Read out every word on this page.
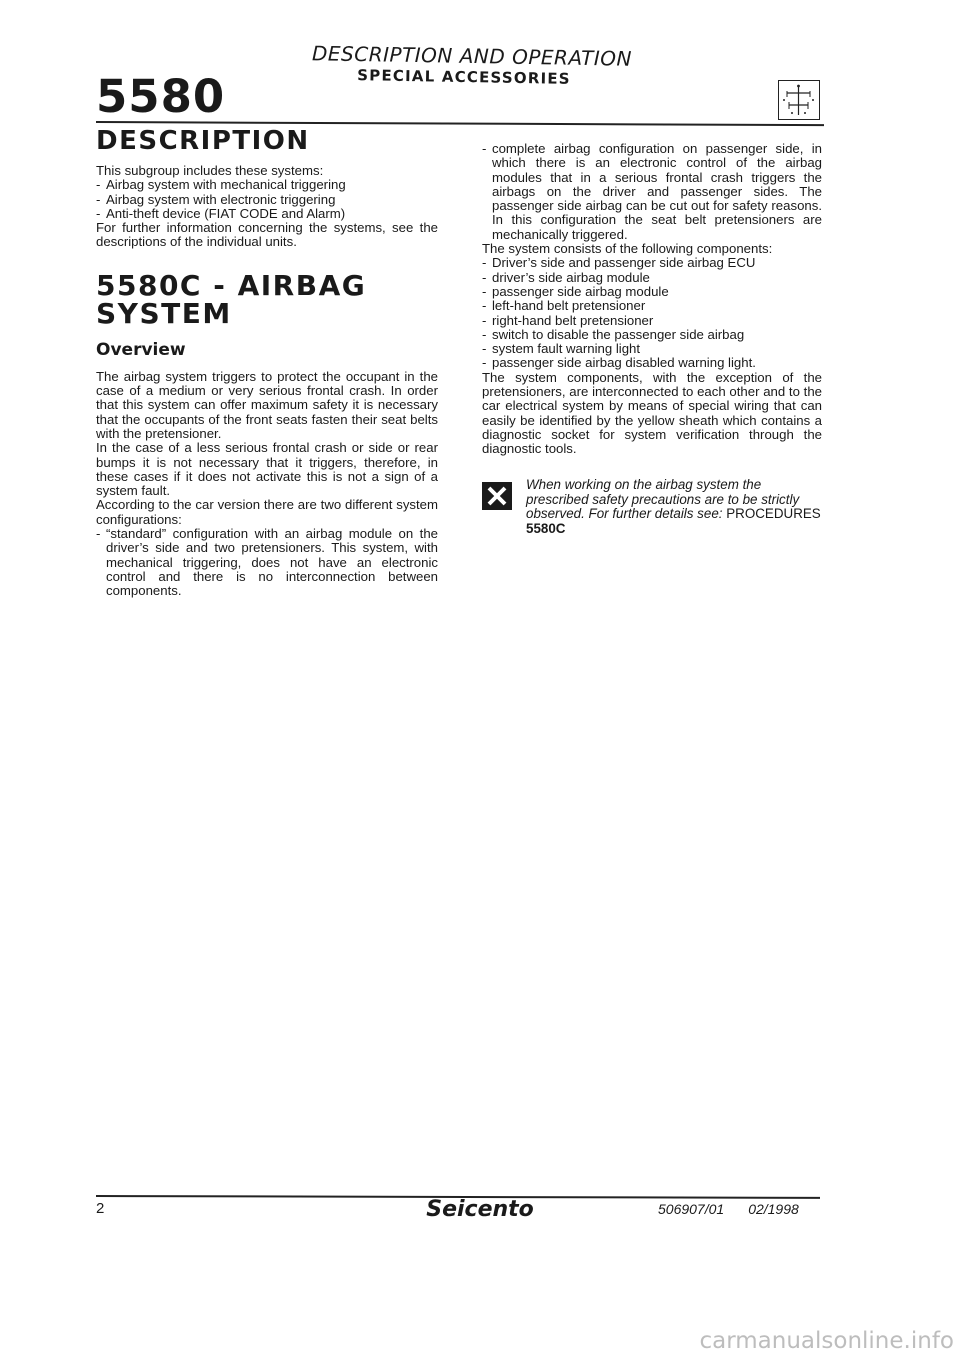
DESCRIPTION AND OPERATION
SPECIAL ACCESSORIES
5580
DESCRIPTION

This subgroup includes these systems:

- Airbag system with mechanical triggering
- Airbag system with electronic triggering
- Anti-theft device (FIAT CODE and Alarm)

For further information concerning the systems, see the descriptions of the individual units.

5580C - AIRBAG
SYSTEM
Overview

The airbag system triggers to protect the occupant in the case of a medium or very serious frontal crash. In order that this system can offer maximum safety it is necessary that the occupants of the front seats fasten their seat belts with the pretensioner.

In the case of a less serious frontal crash or side or rear bumps it is not necessary that it triggers, therefore, in these cases if it does not activate this is not a sign of a system fault.

According to the car version there are two different system configurations:

- “standard” configuration with an airbag module on the driver’s side and two pretensioners. This system, with mechanical triggering, does not have an electronic control and there is no interconnection between components.
- complete airbag configuration on passenger side, in which there is an electronic control of the airbag modules that in a serious frontal crash triggers the airbags on the driver and passenger sides. The passenger side airbag can be cut out for safety reasons. In this configuration the seat belt pretensioners are mechanically triggered.

The system consists of the following components:

- Driver’s side and passenger side airbag ECU
- driver’s side airbag module
- passenger side airbag module
- left-hand belt pretensioner
- right-hand belt pretensioner
- switch to disable the passenger side airbag
- system fault warning light
- passenger side airbag disabled warning light.

The system components, with the exception of the pretensioners, are interconnected to each other and to the car electrical system by means of special wiring that can easily be identified by the yellow sheath which contains a diagnostic socket for system verification through the diagnostic tools.

When working on the airbag system the prescribed safety precautions are to be strictly observed. For further details see: PROCEDURES
5580C
2	Seicento	506907/01 02/1998
carmanualsonline.info
